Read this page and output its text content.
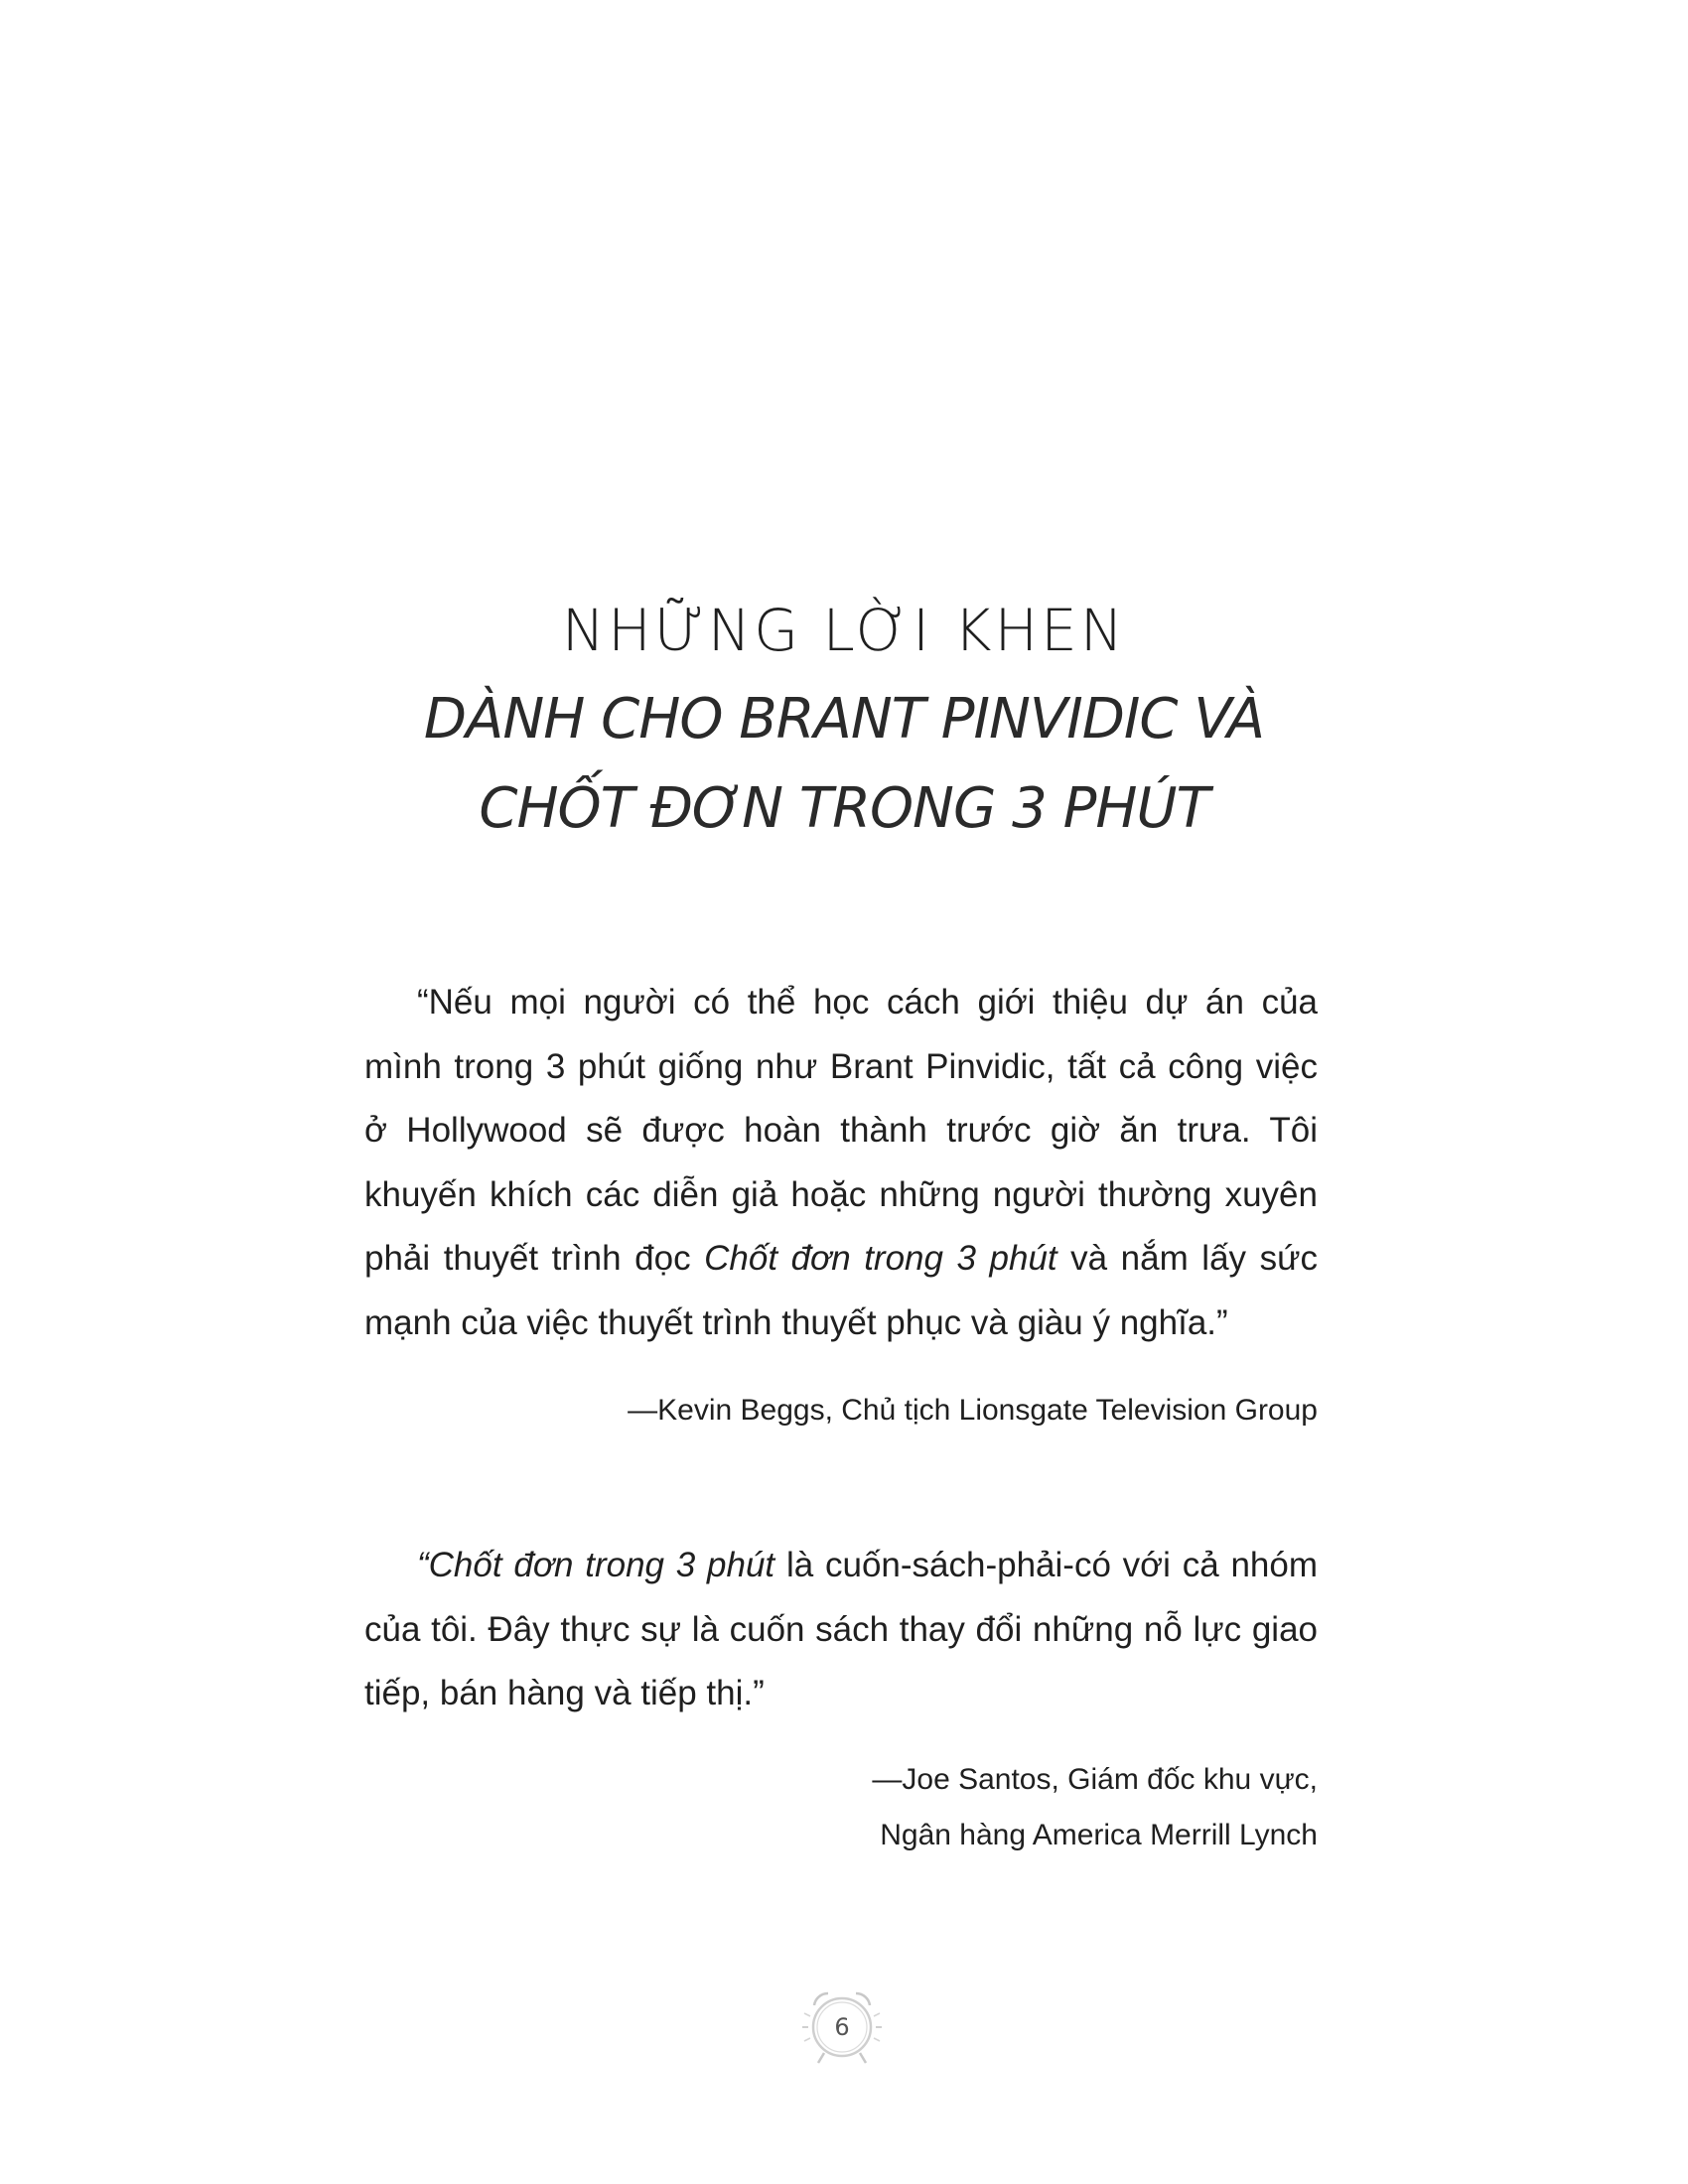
NHỮNG LỜI KHEN

DÀNH CHO BRANT PINVIDIC VÀ

CHỐT ĐƠN TRONG 3 PHÚT

“Nếu mọi người có thể học cách giới thiệu dự án của mình trong 3 phút giống như Brant Pinvidic, tất cả công việc ở Hollywood sẽ được hoàn thành trước giờ ăn trưa. Tôi khuyến khích các diễn giả hoặc những người thường xuyên phải thuyết trình đọc Chốt đơn trong 3 phút và nắm lấy sức mạnh của việc thuyết trình thuyết phục và giàu ý nghĩa.”

—Kevin Beggs, Chủ tịch Lionsgate Television Group

“Chốt đơn trong 3 phút là cuốn-sách-phải-có với cả nhóm của tôi. Đây thực sự là cuốn sách thay đổi những nỗ lực giao tiếp, bán hàng và tiếp thị.”

—Joe Santos, Giám đốc khu vực,
Ngân hàng America Merrill Lynch

6
